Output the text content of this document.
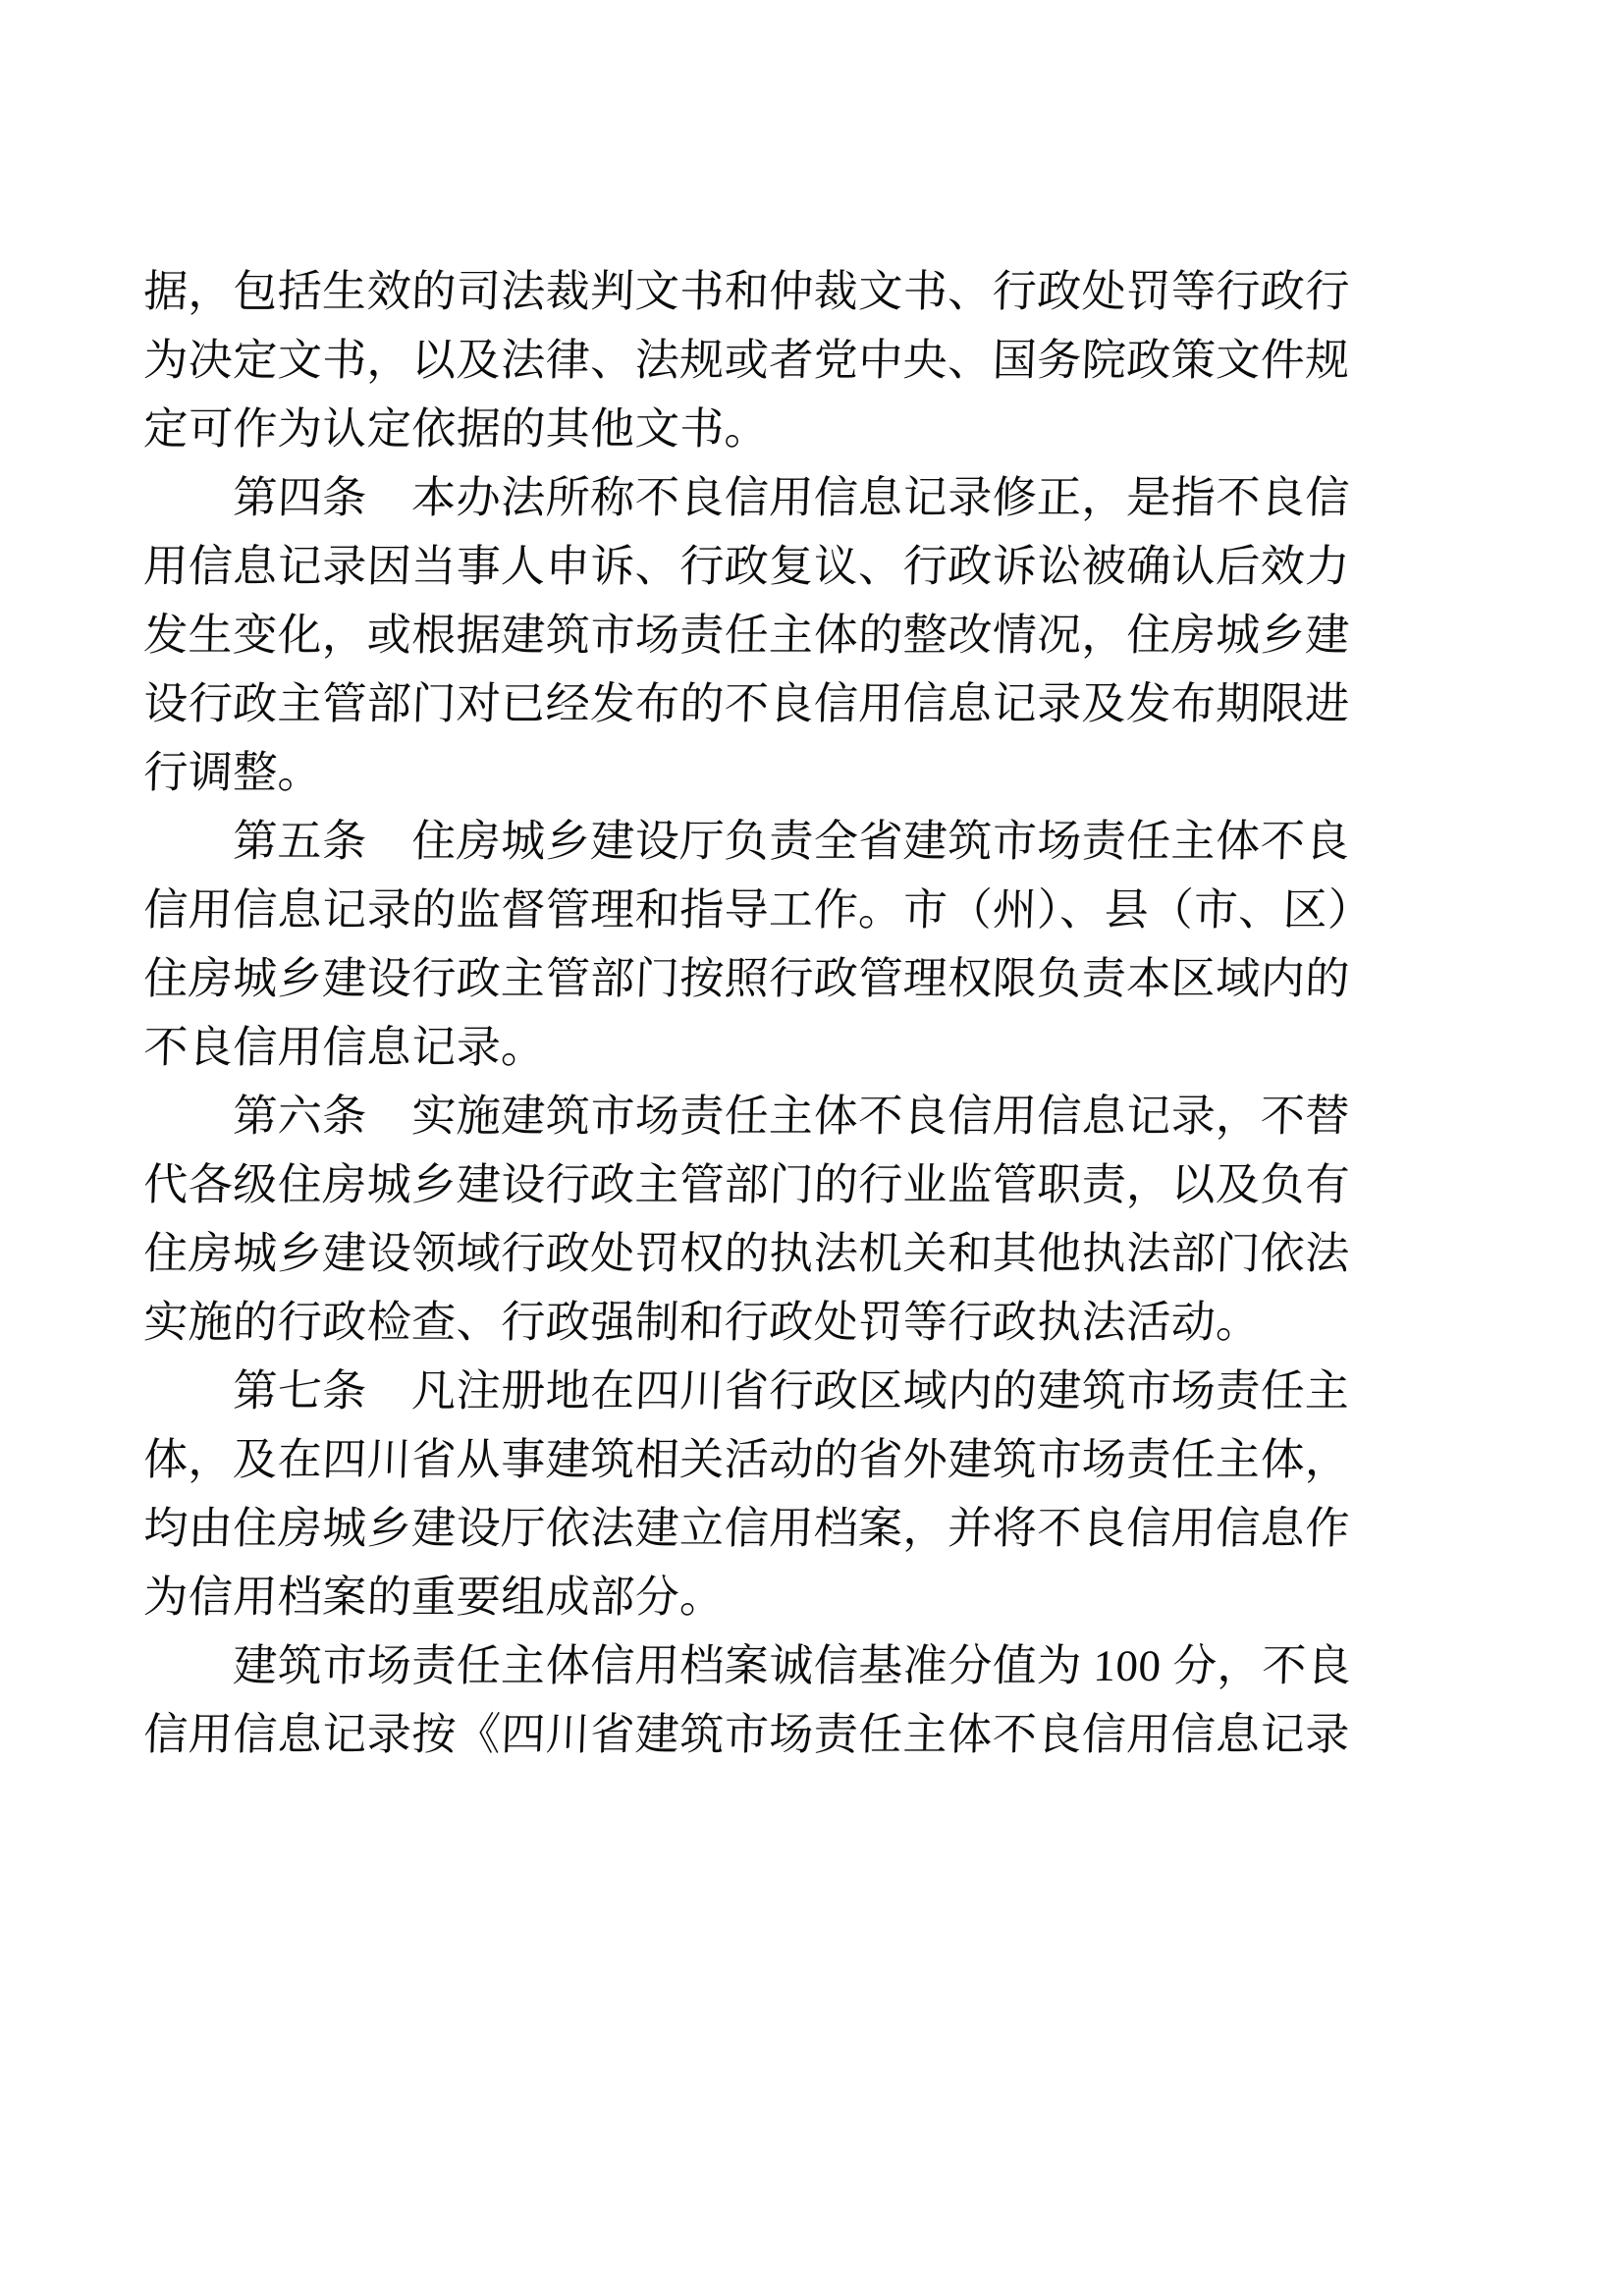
据，包括生效的司法裁判文书和仲裁文书、行政处罚等行政行
为决定文书，以及法律、法规或者党中央、国务院政策文件规
定可作为认定依据的其他文书。
　　第四条　本办法所称不良信用信息记录修正，是指不良信
用信息记录因当事人申诉、行政复议、行政诉讼被确认后效力
发生变化，或根据建筑市场责任主体的整改情况，住房城乡建
设行政主管部门对已经发布的不良信用信息记录及发布期限进
行调整。
　　第五条　住房城乡建设厅负责全省建筑市场责任主体不良
信用信息记录的监督管理和指导工作。市（州）、县（市、区）
住房城乡建设行政主管部门按照行政管理权限负责本区域内的
不良信用信息记录。
　　第六条　实施建筑市场责任主体不良信用信息记录，不替
代各级住房城乡建设行政主管部门的行业监管职责，以及负有
住房城乡建设领域行政处罚权的执法机关和其他执法部门依法
实施的行政检查、行政强制和行政处罚等行政执法活动。
　　第七条　凡注册地在四川省行政区域内的建筑市场责任主
体，及在四川省从事建筑相关活动的省外建筑市场责任主体，
均由住房城乡建设厅依法建立信用档案，并将不良信用信息作
为信用档案的重要组成部分。
　　建筑市场责任主体信用档案诚信基准分值为 100 分，不良
信用信息记录按《四川省建筑市场责任主体不良信用信息记录
